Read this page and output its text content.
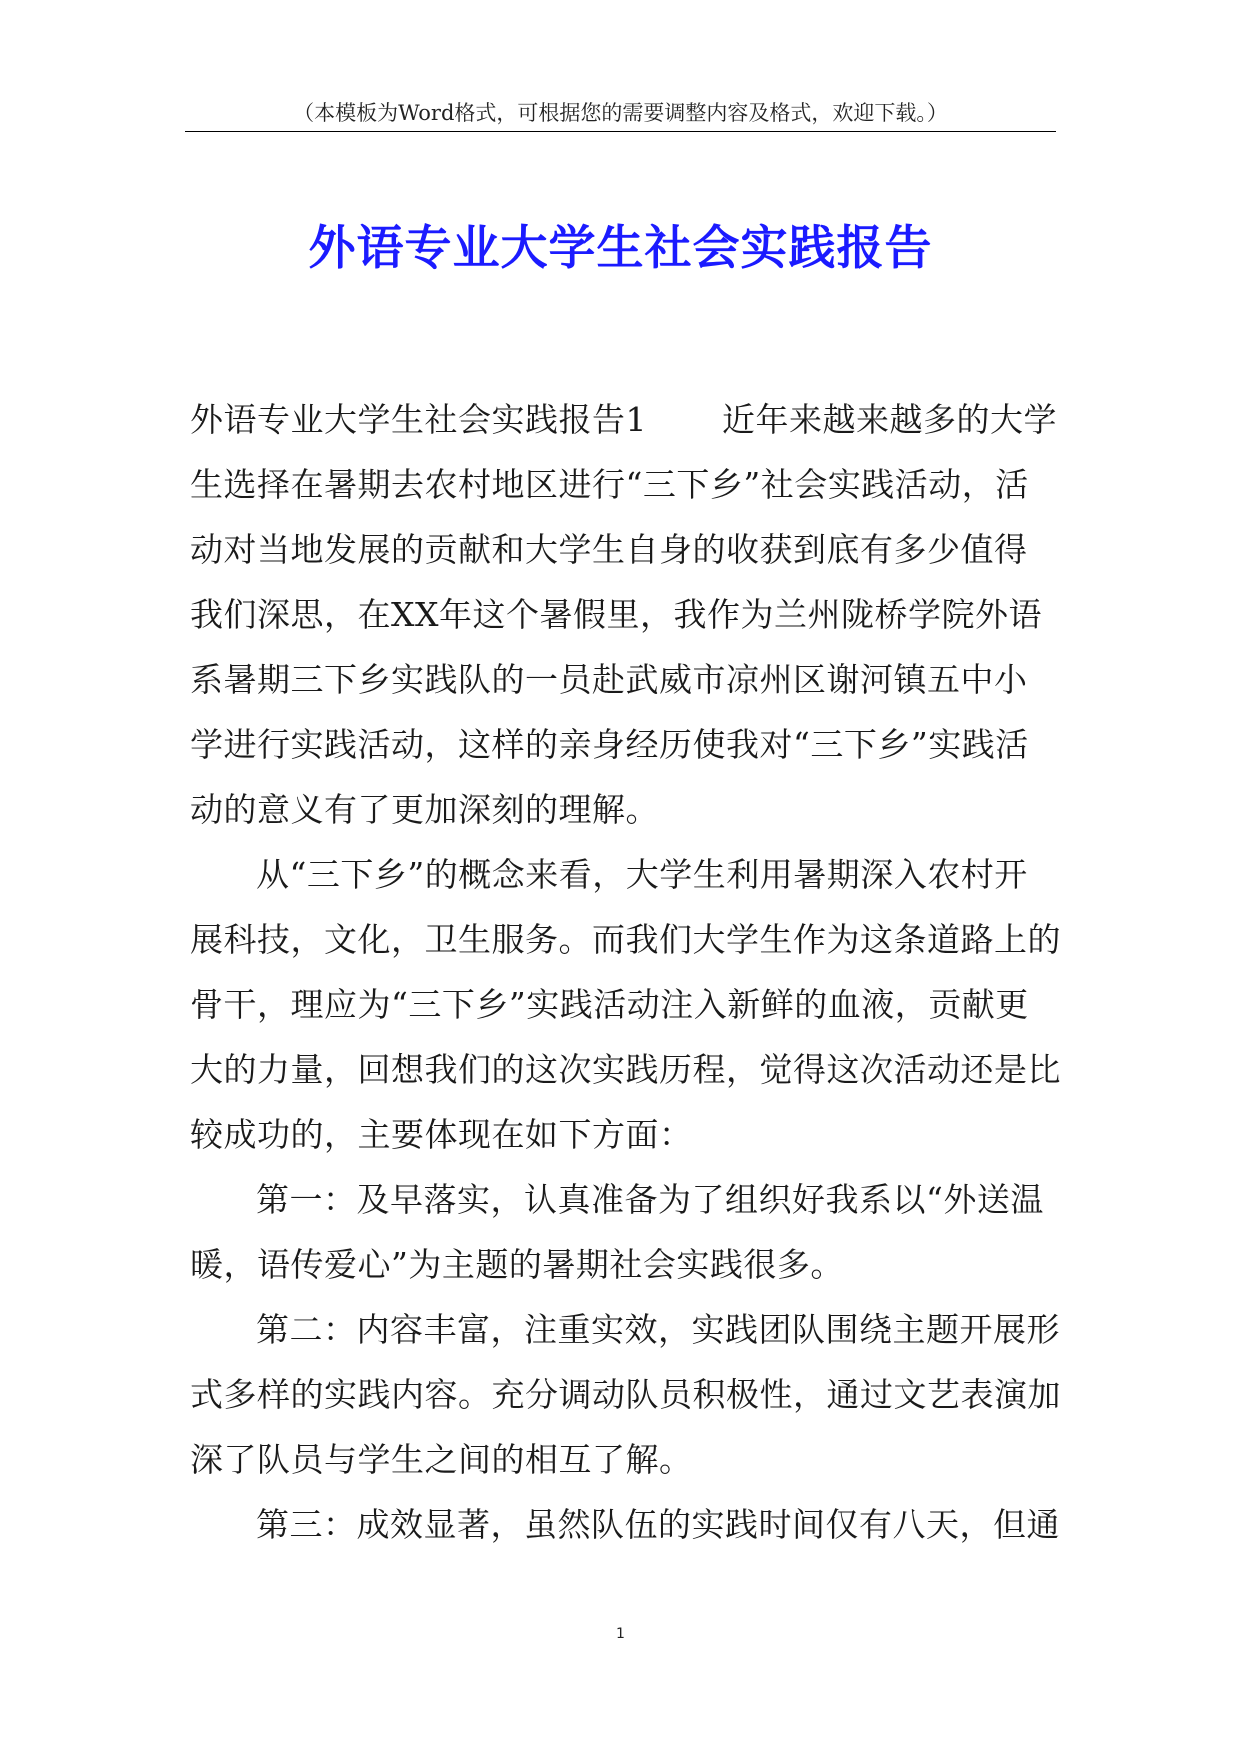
（本模板为Word格式，可根据您的需要调整内容及格式，欢迎下载。）
外语专业大学生社会实践报告
外语专业大学生社会实践报告1 近年来越来越多的大学
生选择在暑期去农村地区进行“三下乡”社会实践活动，活
动对当地发展的贡献和大学生自身的收获到底有多少值得
我们深思，在XX年这个暑假里，我作为兰州陇桥学院外语
系暑期三下乡实践队的一员赴武威市凉州区谢河镇五中小
学进行实践活动，这样的亲身经历使我对“三下乡”实践活
动的意义有了更加深刻的理解。
从“三下乡”的概念来看，大学生利用暑期深入农村开
展科技，文化，卫生服务。而我们大学生作为这条道路上的
骨干，理应为“三下乡”实践活动注入新鲜的血液，贡献更
大的力量，回想我们的这次实践历程，觉得这次活动还是比
较成功的，主要体现在如下方面：
第一：及早落实，认真准备为了组织好我系以“外送温
暖，语传爱心”为主题的暑期社会实践很多。
第二：内容丰富，注重实效，实践团队围绕主题开展形
式多样的实践内容。充分调动队员积极性，通过文艺表演加
深了队员与学生之间的相互了解。
第三：成效显著，虽然队伍的实践时间仅有八天，但通
1
